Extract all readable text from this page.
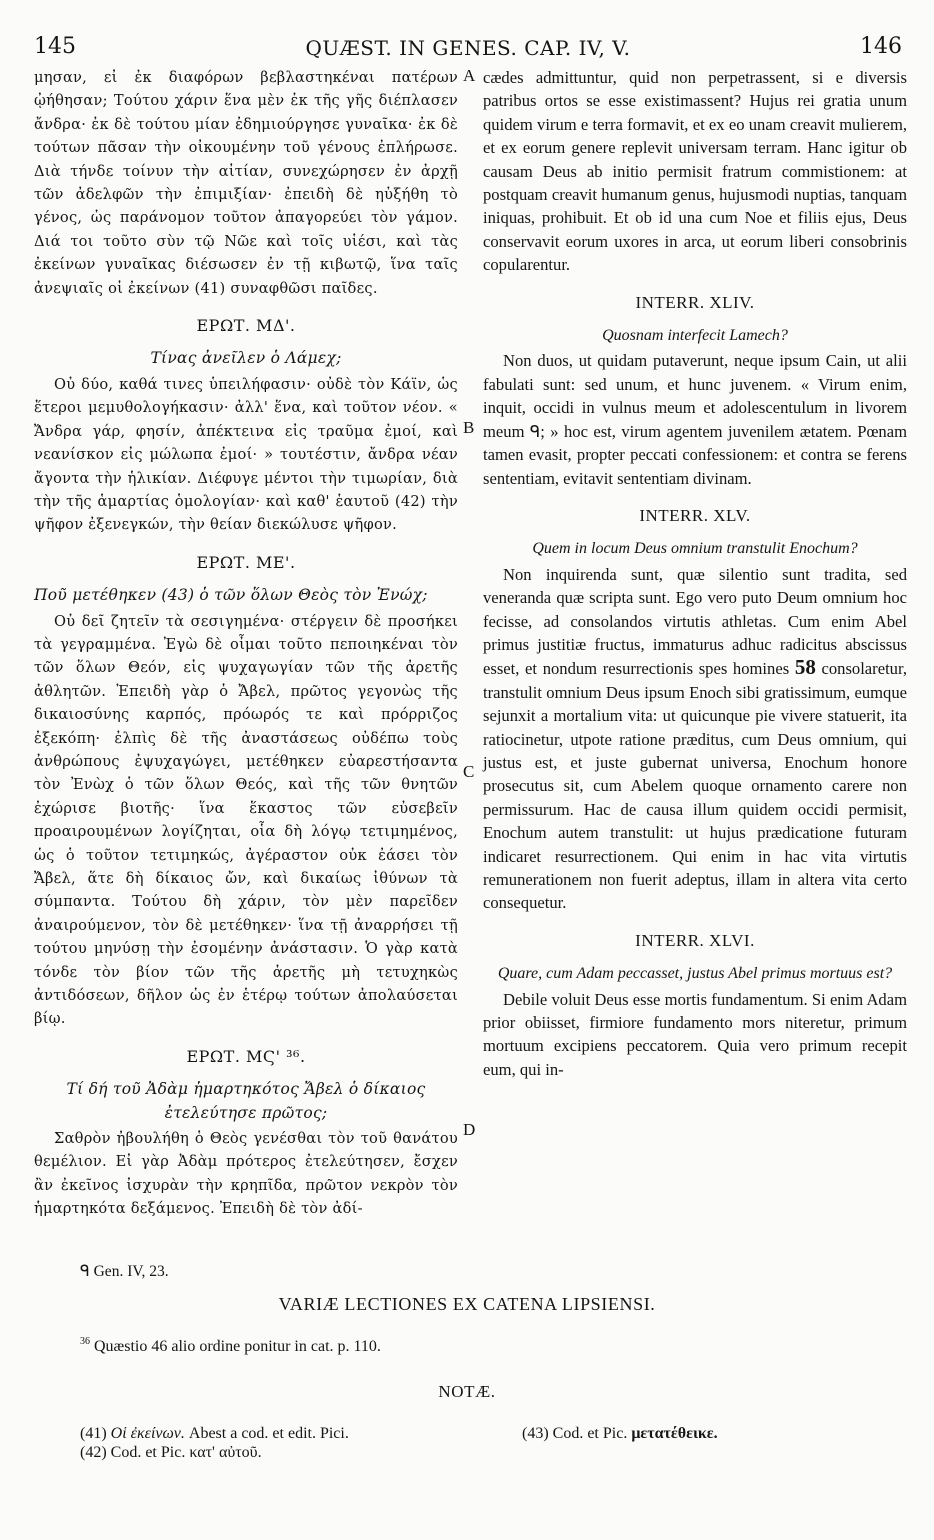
145	QUÆST. IN GENES. CAP. IV, V.	146

μησαν, εἰ ἐκ διαφόρων βεβλαστηκέναι πατέρων ᾠήθησαν; Τούτου χάριν ἕνα μὲν ἐκ τῆς γῆς διέπλασεν ἄνδρα· ἐκ δὲ τούτου μίαν ἐδημιούργησε γυναῖκα· ἐκ δὲ τούτων πᾶσαν τὴν οἰκουμένην τοῦ γένους ἐπλήρωσε. Διὰ τήνδε τοίνυν τὴν αἰτίαν, συνεχώρησεν ἐν ἀρχῇ τῶν ἀδελφῶν τὴν ἐπιμιξίαν· ἐπειδὴ δὲ ηὐξήθη τὸ γένος, ὡς παράνομον τοῦτον ἀπαγορεύει τὸν γάμον. Διά τοι τοῦτο σὺν τῷ Νῶε καὶ τοῖς υἱέσι, καὶ τὰς ἐκείνων γυναῖκας διέσωσεν ἐν τῇ κιβωτῷ, ἵνα ταῖς ἀνεψιαῖς οἱ ἐκείνων (41) συναφθῶσι παῖδες.

ΕΡΩΤ. ΜΔ'.
Τίνας ἀνεῖλεν ὁ Λάμεχ;

Οὐ δύο, καθά τινες ὑπειλήφασιν· οὐδὲ τὸν Κάϊν, ὡς ἕτεροι μεμυθολογήκασιν· ἀλλ' ἕνα, καὶ τοῦτον νέον. « Ἄνδρα γάρ, φησίν, ἀπέκτεινα εἰς τραῦμα ἐμοί, καὶ νεανίσκον εἰς μώλωπα ἐμοί· » τουτέστιν, ἄνδρα νέαν ἄγοντα τὴν ἡλικίαν. Διέφυγε μέντοι τὴν τιμωρίαν, διὰ τὴν τῆς ἁμαρτίας ὁμολογίαν· καὶ καθ' ἑαυτοῦ (42) τὴν ψῆφον ἐξενεγκών, τὴν θείαν διεκώλυσε ψῆφον.

ΕΡΩΤ. ΜΕ'.
Ποῦ μετέθηκεν (43) ὁ τῶν ὅλων Θεὸς τὸν Ἐνώχ;

Οὐ δεῖ ζητεῖν τὰ σεσιγημένα· στέργειν δὲ προσήκει τὰ γεγραμμένα. Ἐγὼ δὲ οἶμαι τοῦτο πεποιηκέναι τὸν τῶν ὅλων Θεόν, εἰς ψυχαγωγίαν τῶν τῆς ἀρετῆς ἀθλητῶν. Ἐπειδὴ γὰρ ὁ Ἄβελ, πρῶτος γεγονὼς τῆς δικαιοσύνης καρπός, πρόωρός τε καὶ πρόρριζος ἐξεκόπη· ἐλπὶς δὲ τῆς ἀναστάσεως οὐδέπω τοὺς ἀνθρώπους ἐψυχαγώγει, μετέθηκεν εὐαρεστήσαντα τὸν Ἐνὼχ ὁ τῶν ὅλων Θεός, καὶ τῆς τῶν θνητῶν ἐχώρισε βιοτῆς· ἵνα ἕκαστος τῶν εὐσεβεῖν προαιρουμένων λογίζηται, οἷα δὴ λόγῳ τετιμημένος, ὡς ὁ τοῦτον τετιμηκώς, ἀγέραστον οὐκ ἐάσει τὸν Ἄβελ, ἅτε δὴ δίκαιος ὤν, καὶ δικαίως ἰθύνων τὰ σύμπαντα. Τούτου δὴ χάριν, τὸν μὲν παρεῖδεν ἀναιρούμενον, τὸν δὲ μετέθηκεν· ἵνα τῇ ἀναρρήσει τῇ τούτου μηνύσῃ τὴν ἐσομένην ἀνάστασιν. Ὁ γὰρ κατὰ τόνδε τὸν βίον τῶν τῆς ἀρετῆς μὴ τετυχηκὼς ἀντιδόσεων, δῆλον ὡς ἐν ἑτέρῳ τούτων ἀπολαύσεται βίῳ.

ΕΡΩΤ. ΜϚ' ³⁶.
Τί δή τοῦ Ἀδὰμ ἡμαρτηκότος Ἄβελ ὁ δίκαιος ἐτελεύτησε πρῶτος;

Σαθρὸν ἠβουλήθη ὁ Θεὸς γενέσθαι τὸν τοῦ θανάτου θεμέλιον. Εἰ γὰρ Ἀδὰμ πρότερος ἐτελεύτησεν, ἔσχεν ἂν ἐκεῖνος ἰσχυρὰν τὴν κρηπῖδα, πρῶτον νεκρὸν τὸν ἡμαρτηκότα δεξάμενος. Ἐπειδὴ δὲ τὸν ἀδί-

cædes admittuntur, quid non perpetrassent, si e diversis patribus ortos se esse existimassent? Hujus rei gratia unum quidem virum e terra formavit, et ex eo unam creavit mulierem, et ex eorum genere replevit universam terram. Hanc igitur ob causam Deus ab initio permisit fratrum commistionem: at postquam creavit humanum genus, hujusmodi nuptias, tanquam iniquas, prohibuit. Et ob id una cum Noe et filiis ejus, Deus conservavit eorum uxores in arca, ut eorum liberi consobrinis copularentur.

INTERR. XLIV.
Quosnam interfecit Lamech?

Non duos, ut quidam putaverunt, neque ipsum Cain, ut alii fabulati sunt: sed unum, et hunc juvenem. « Virum enim, inquit, occidi in vulnus meum et adolescentulum in livorem meum ᑫ; » hoc est, virum agentem juvenilem ætatem. Pœnam tamen evasit, propter peccati confessionem: et contra se ferens sententiam, evitavit sententiam divinam.

INTERR. XLV.
Quem in locum Deus omnium transtulit Enochum?

Non inquirenda sunt, quæ silentio sunt tradita, sed veneranda quæ scripta sunt. Ego vero puto Deum omnium hoc fecisse, ad consolandos virtutis athletas. Cum enim Abel primus justitiæ fructus, immaturus adhuc radicitus abscissus esset, et nondum resurrectionis spes homines 58 consolaretur, transtulit omnium Deus ipsum Enoch sibi gratissimum, eumque sejunxit a mortalium vita: ut quicunque pie vivere statuerit, ita ratiocinetur, utpote ratione præditus, cum Deus omnium, qui justus est, et juste gubernat universa, Enochum honore prosecutus sit, cum Abelem quoque ornamento carere non permissurum. Hac de causa illum quidem occidi permisit, Enochum autem transtulit: ut hujus prædicatione futuram indicaret resurrectionem. Qui enim in hac vita virtutis remunerationem non fuerit adeptus, illam in altera vita certo consequetur.

INTERR. XLVI.
Quare, cum Adam peccasset, justus Abel primus mortuus est?

Debile voluit Deus esse mortis fundamentum. Si enim Adam prior obiisset, firmiore fundamento mors niteretur, primum mortuum excipiens peccatorem. Quia vero primum recepit eum, qui in-

A
B
C
D
ᑫ Gen. IV, 23.
VARIÆ LECTIONES EX CATENA LIPSIENSI.
$^{36}$ Quæstio 46 alio ordine ponitur in cat. p. 110.
NOTÆ.
(41) Οἱ ἐκείνων. Abest a cod. et edit. Pici.
(42) Cod. et Pic. κατ' αὐτοῦ.
(43) Cod. et Pic. μετατέθεικε.
